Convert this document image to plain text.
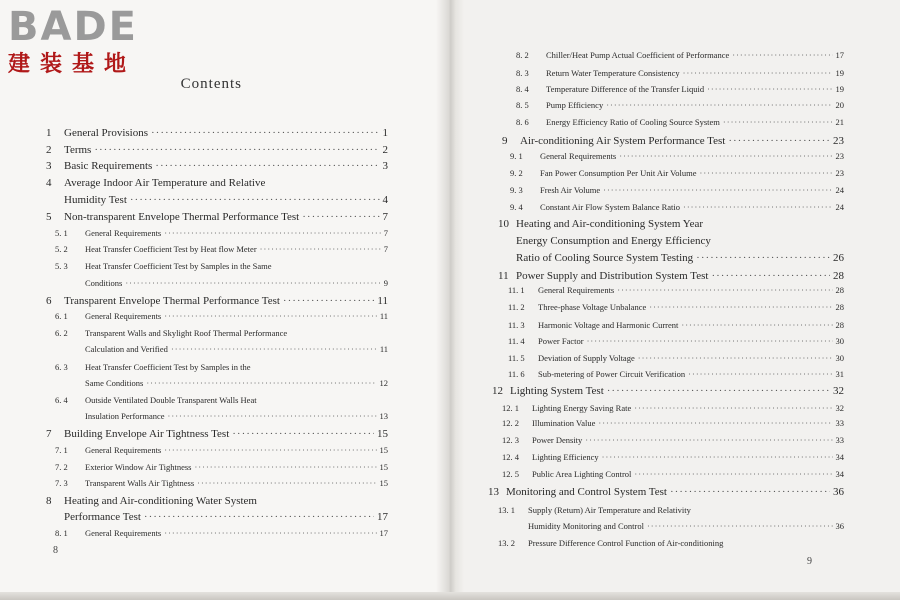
BADE
建装基地
Contents
1	General Provisions ·····	1
2	Terms ·····	2
3	Basic Requirements ·····	3
4	Average Indoor Air Temperature and Relative
Humidity Test ·····	4
5	Non-transparent Envelope Thermal Performance Test ·····	7
5. 1	General Requirements ·····	7
5. 2	Heat Transfer Coefficient Test by Heat flow Meter ·····	7
5. 3	Heat Transfer Coefficient Test by Samples in the Same
Conditions ·····	9
6	Transparent Envelope Thermal Performance Test ·····	11
6. 1	General Requirements ·····	11
6. 2	Transparent Walls and Skylight Roof Thermal Performance
Calculation and Verified ·····	11
6. 3	Heat Transfer Coefficient Test by Samples in the
Same Conditions ·····	12
6. 4	Outside Ventilated Double Transparent Walls Heat
Insulation Performance ·····	13
7	Building Envelope Air Tightness Test ·····	15
7. 1	General Requirements ·····	15
7. 2	Exterior Window Air Tightness ·····	15
7. 3	Transparent Walls Air Tightness ·····	15
8	Heating and Air-conditioning Water System
Performance Test ·····	17
8. 1	General Requirements ·····	17
8
8. 2	Chiller/Heat Pump Actual Coefficient of Performance ·····	17
8. 3	Return Water Temperature Consistency ·····	19
8. 4	Temperature Difference of the Transfer Liquid ·····	19
8. 5	Pump Efficiency ·····	20
8. 6	Energy Efficiency Ratio of Cooling Source System ·····	21
9	Air-conditioning Air System Performance Test ·····	23
9. 1	General Requirements ·····	23
9. 2	Fan Power Consumption Per Unit Air Volume ·····	23
9. 3	Fresh Air Volume ·····	24
9. 4	Constant Air Flow System Balance Ratio ·····	24
10 Heating and Air-conditioning System Year
Energy Consumption and Energy Efficiency
Ratio of Cooling Source System Testing ·····	26
11 Power Supply and Distribution System Test ·····	28
11. 1	General Requirements ·····	28
11. 2	Three-phase Voltage Unbalance ·····	28
11. 3	Harmonic Voltage and Harmonic Current ·····	28
11. 4	Power Factor ·····	30
11. 5	Deviation of Supply Voltage ·····	30
11. 6	Sub-metering of Power Circuit Verification ·····	31
12 Lighting System Test ·····	32
12. 1	Lighting Energy Saving Rate ·····	32
12. 2	Illumination Value ·····	33
12. 3	Power Density ·····	33
12. 4	Lighting Efficiency ·····	34
12. 5	Public Area Lighting Control ·····	34
13 Monitoring and Control System Test ·····	36
13. 1	Supply (Return) Air Temperature and Relativity
Humidity Monitoring and Control ·····	36
13. 2	Pressure Difference Control Function of Air-conditioning
9
